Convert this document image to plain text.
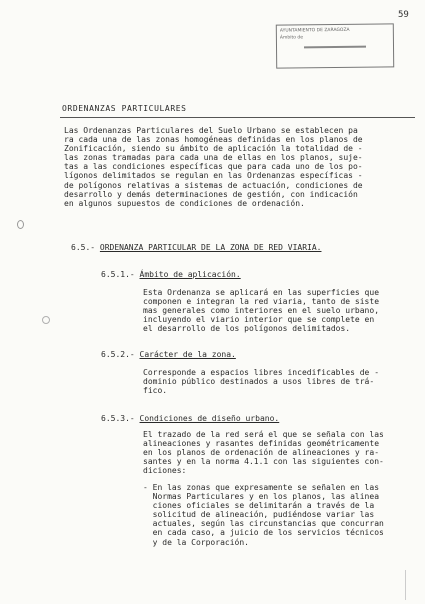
59
AYUNTAMIENTO DE ZARAGOZA
Ámbito de
ORDENANZAS PARTICULARES
Las Ordenanzas Particulares del Suelo Urbano se establecen pa
ra cada una de las zonas homogéneas definidas en los planos de
Zonificación, siendo su ámbito de aplicación la totalidad de -
las zonas tramadas para cada una de ellas en los planos, suje-
tas a las condiciones específicas que para cada uno de los po-
lígonos delimitados se regulan en las Ordenanzas específicas -
de polígonos relativas a sistemas de actuación, condiciones de
desarrollo y demás determinaciones de gestión, con indicación
en algunos supuestos de condiciones de ordenación.
6.5.- ORDENANZA PARTICULAR DE LA ZONA DE RED VIARIA.
6.5.1.- Ámbito de aplicación.
Esta Ordenanza se aplicará en las superficies que
componen e integran la red viaria, tanto de siste
mas generales como interiores en el suelo urbano,
incluyendo el viario interior que se complete en
el desarrollo de los polígonos delimitados.
6.5.2.- Carácter de la zona.
Corresponde a espacios libres incedificables de -
dominio público destinados a usos libres de trá-
fico.
6.5.3.- Condiciones de diseño urbano.
El trazado de la red será el que se señala con las
alineaciones y rasantes definidas geométricamente
en los planos de ordenación de alineaciones y ra-
santes y en la norma 4.1.1 con las siguientes con-
diciones:
- En las zonas que expresamente se señalen en las
Normas Particulares y en los planos, las alinea
ciones oficiales se delimitarán a través de la
solicitud de alineación, pudiéndose variar las
actuales, según las circunstancias que concurran
en cada caso, a juicio de los servicios técnicos
y de la Corporación.
